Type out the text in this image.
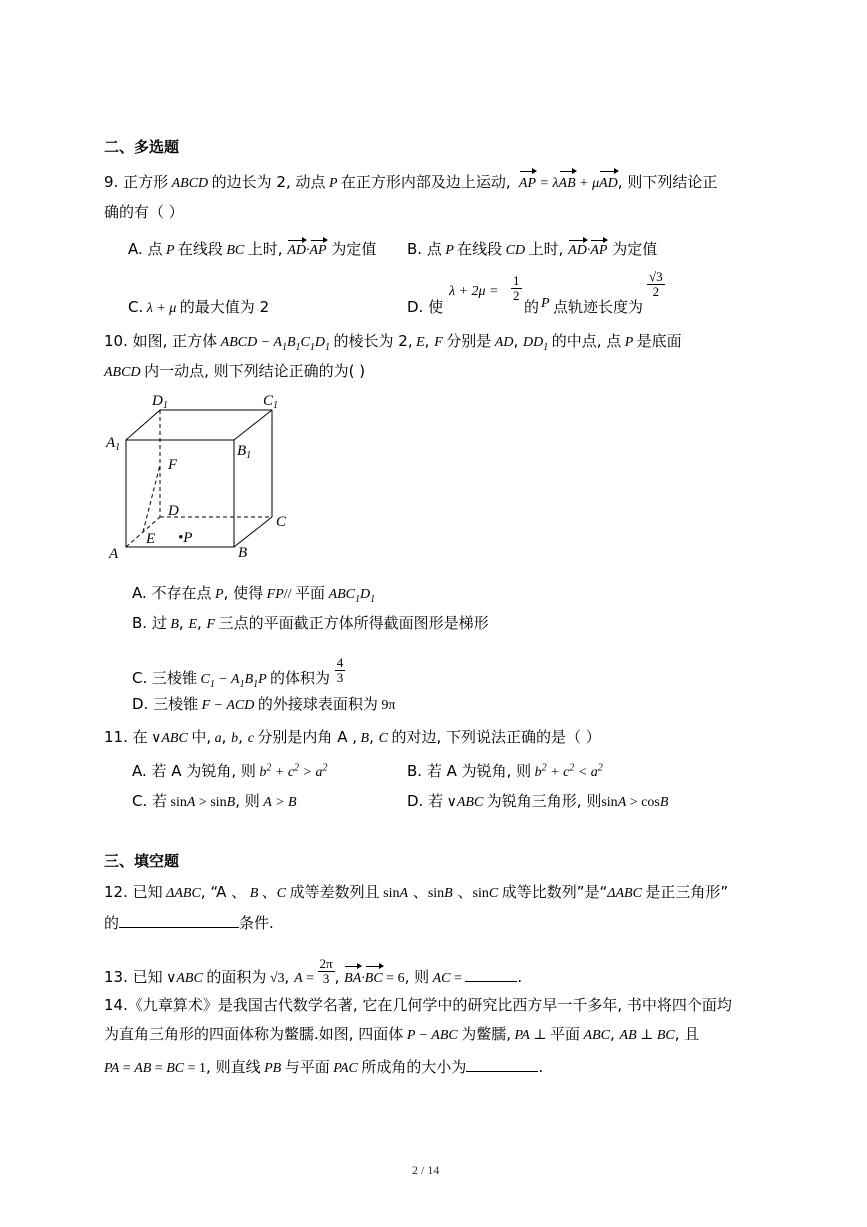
二、多选题
9. 正方形 ABCD 的边长为 2, 动点 P 在正方形内部及边上运动, AP = λAB + μAD, 则下列结论正
确的有（ ）
A. 点 P 在线段 BC 上时, AD·AP 为定值 B. 点 P 在线段 CD 上时, AD·AP 为定值
C. λ + μ 的最大值为 2	D. 使
$\lambda + 2\mu = \frac{1}{2}$
的 P 点轨迹长度为
$\frac{√3}{2}$
10. 如图, 正方体 ABCD − $A_1B_1C_1D_1$ 的棱长为 2, E, F 分别是 AD, $DD_1$ 的中点, 点 P 是底面
ABCD 内一动点, 则下列结论正确的为( )
$D_1$	$C_1$
$A_1$	$B_1$
F
D
C
A
E •P
B
A. 不存在点 P, 使得 FP// 平面 $ABC_1D_1$
B. 过 B, E, F 三点的平面截正方体所得截面图形是梯形
C. 三棱锥 $C_1 - A_1B_1P$ 的体积为 $\frac{4}{3}$
D. 三棱锥 F − ACD 的外接球表面积为 9π
11. 在 ∨ABC 中, a, b, c 分别是内角 A , B, C 的对边, 下列说法正确的是（ ）
A. 若 A 为锐角, 则 $b^2 + c^2 > a^2$	B. 若 A 为锐角, 则 $b^2 + c^2 < a^2$
C. 若 sinA > sinB, 则 A > B	D. 若 ∨ABC 为锐角三角形, 则sinA > cosB
三、填空题
12. 已知 ΔABC, “A 、 B 、C 成等差数列且 sinA 、sinB 、sinC 成等比数列”是“ΔABC 是正三角形”
的	条件.
13. 已知 ∨ABC 的面积为 √3, $A = \frac{2\pi}{3}$ , BA·BC = 6, 则 AC =	.
14.《九章算术》是我国古代数学名著, 它在几何学中的研究比西方早一千多年, 书中将四个面均
为直角三角形的四面体称为鳖臑.如图, 四面体 P − ABC 为鳖臑, PA ⊥ 平面 ABC, AB ⊥ BC, 且
PA = AB = BC = 1, 则直线 PB 与平面 PAC 所成角的大小为	.
2 / 14
